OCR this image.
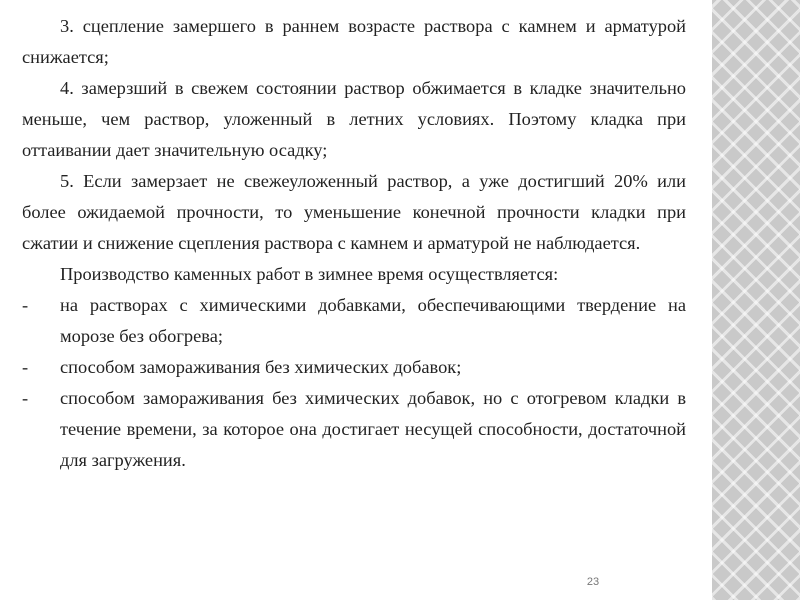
3. сцепление замершего в раннем возрасте раствора с камнем и арматурой снижается;

4. замерзший в свежем состоянии раствор обжимается в кладке значительно меньше, чем раствор, уложенный в летних условиях. Поэтому кладка при оттаивании дает значительную осадку;

5. Если замерзает не свежеуложенный раствор, а уже достигший 20% или более ожидаемой прочности, то уменьшение конечной прочности кладки при сжатии и снижение сцепления раствора с камнем и арматурой не наблюдается.

Производство каменных работ в зимнее время осуществляется:

- на растворах с химическими добавками, обеспечивающими твердение на морозе без обогрева;
- способом замораживания без химических добавок;
- способом замораживания без химических добавок, но с отогревом кладки в течение времени, за которое она достигает несущей способности, достаточной для загружения.
23
